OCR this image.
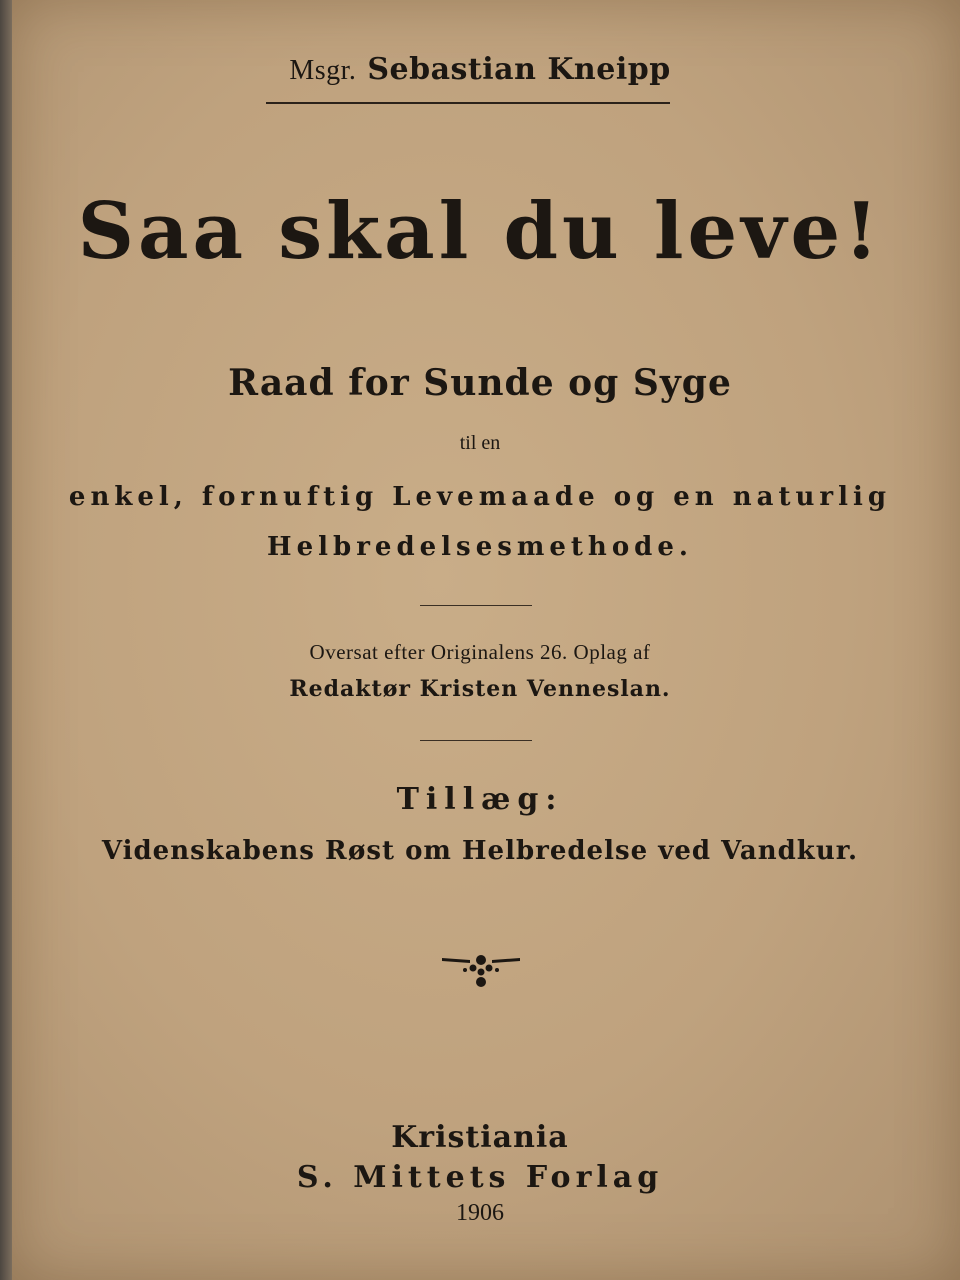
Msgr. Sebastian Kneipp
Saa skal du leve!
Raad for Sunde og Syge
til en
enkel, fornuftig Levemaade og en naturlig
Helbredelsesmethode.
Oversat efter Originalens 26. Oplag af
Redaktør Kristen Venneslan.
Tillæg:
Videnskabens Røst om Helbredelse ved Vandkur.
Kristiania
S. Mittets Forlag
1906
